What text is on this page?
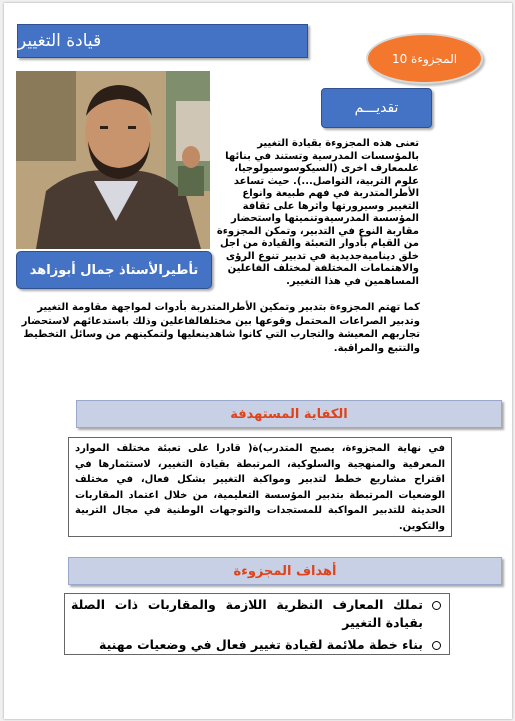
قيادة التغيير
المجزوءة 10
تأطيرالأستاذ جمال أبوزاهد
تقديـــم
تعنى هذه المجزوءة بقيادة التغيير بالمؤسسات المدرسية وتستند في بنائها علىمعارف اخرى (السيكوسوسيولوجيا، علوم التربية، التواصل...). حيث تساعد الأطرالمتدربة في فهم طبيعة وانواع التغيير وسيرورتها واثرها على ثقافة المؤسسة المدرسيةوتنميتها واستحضار مقاربة النوع في التدبير، وتمكن المجزوءة من القيام بأدوار التعبئة والقيادة من اجل خلق ديناميةجديدية في تدبير تنوع الرؤى والاهتمامات المختلفة لمختلف الفاعلين المساهمين في هذا التغيير.
كما تهتم المجزوءة بتدبير وتمكين الأطرالمتدربة بأدوات لمواجهة مقاومة التغيير وتدبير الصراعات المحتمل وقوعها بين مختلفالفاعلين وذلك باستدعائهم لاستحضار تجاربهم المعيشة والتجارب التي كانوا شاهدينعليها ولتمكينهم من وسائل التخطيط والتتبع والمراقبة.
الكفاية المستهدفة
في نهاية المجزوءة، يصبح المتدرب)ة( قادرا على تعبئة مختلف الموارد المعرفية والمنهجية والسلوكية، المرتبطة بقيادة التغيير، لاستثمارها في اقتراح مشاريع خطط لتدبير ومواكبة التغيير بشكل فعال، في مختلف الوضعيات المرتبطة بتدبير المؤسسة التعليمية، من خلال اعتماد المقاربات الحديثة للتدبير المواكبة للمستجدات والتوجهات الوطنية في مجال التربية والتكوين.
أهداف المجزوءة
تملك المعارف النظرية اللازمة والمقاربات ذات الصلة بقيادة التغيير
بناء خطة ملائمة لقيادة تغيير فعال في وضعيات مهنية
